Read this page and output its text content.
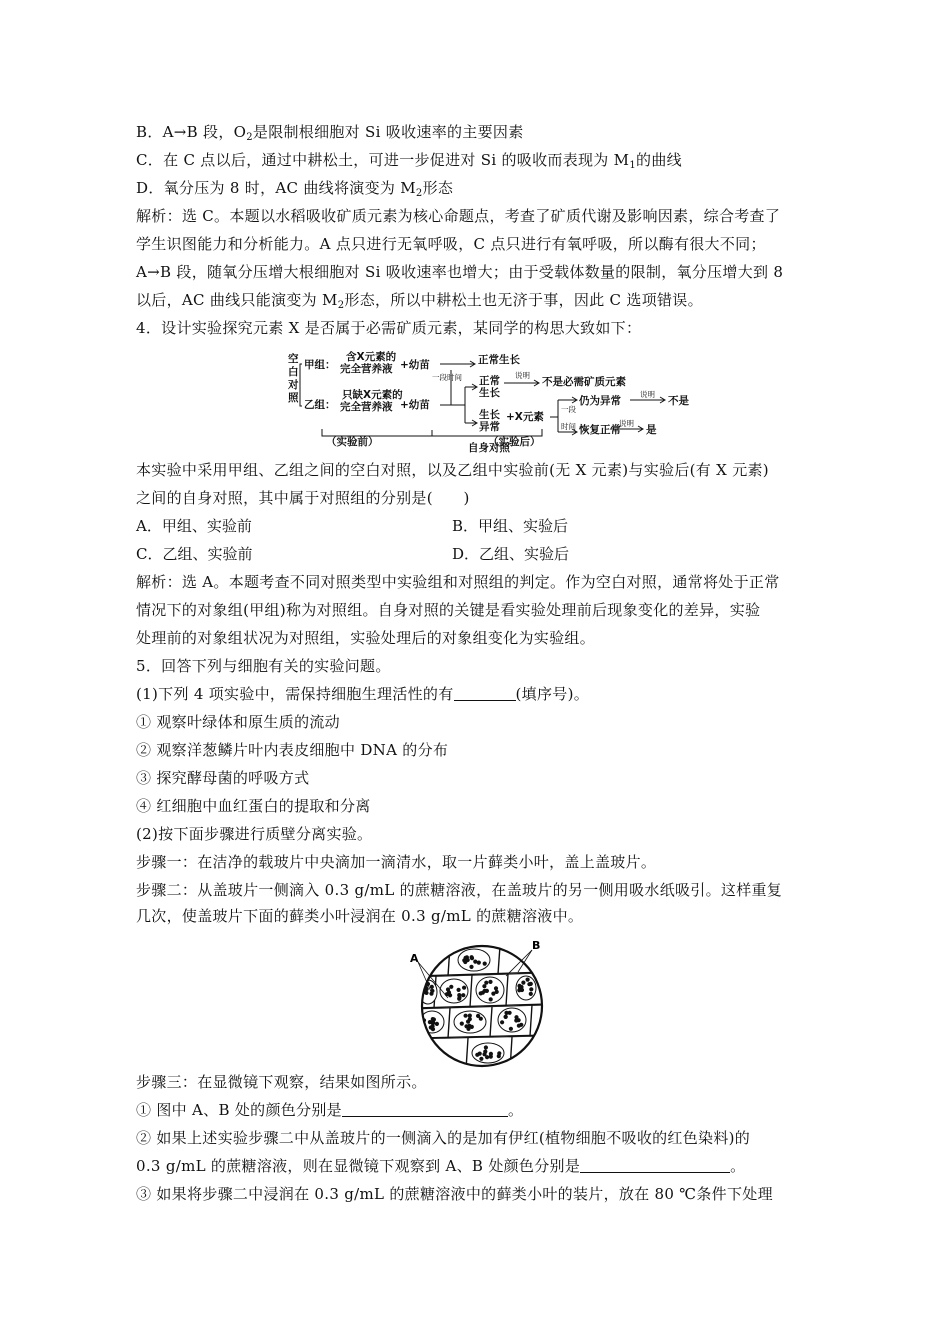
B．A→B 段，$O_2$是限制根细胞对 Si 吸收速率的主要因素
C．在 C 点以后，通过中耕松土，可进一步促进对 Si 的吸收而表现为 $M_1$的曲线
D．氧分压为 8 时，AC 曲线将演变为 $M_2$形态
解析：选 C。本题以水稻吸收矿质元素为核心命题点，考查了矿质代谢及影响因素，综合考查了
学生识图能力和分析能力。A 点只进行无氧呼吸，C 点只进行有氧呼吸，所以酶有很大不同；
A→B 段，随氧分压增大根细胞对 Si 吸收速率也增大；由于受载体数量的限制，氧分压增大到 8
以后，AC 曲线只能演变为 $M_2$形态，所以中耕松土也无济于事，因此 C 选项错误。
4．设计实验探究元素 X 是否属于必需矿质元素，某同学的构思大致如下：
空
白
对
照
甲组：
含X元素的
完全营养液 +幼苗	正常生长
乙组：
只缺X元素的
完全营养液 +幼苗
正常
生长
不是必需矿质元素
生长
异常
+X元素
仍为异常	不是
恢复正常 是
（实验前）	自身对照
（实验后）
一段时间	说明
一段
时间
说明
说明
本实验中采用甲组、乙组之间的空白对照，以及乙组中实验前(无 X 元素)与实验后(有 X 元素)
之间的自身对照，其中属于对照组的分别是(　　)
A．甲组、实验前	B．甲组、实验后
C．乙组、实验前	D．乙组、实验后
解析：选 A。本题考查不同对照类型中实验组和对照组的判定。作为空白对照，通常将处于正常
情况下的对象组(甲组)称为对照组。自身对照的关键是看实验处理前后现象变化的差异，实验
处理前的对象组状况为对照组，实验处理后的对象组变化为实验组。
5．回答下列与细胞有关的实验问题。
(1)下列 4 项实验中，需保持细胞生理活性的有	(填序号)。
① 观察叶绿体和原生质的流动
② 观察洋葱鳞片叶内表皮细胞中 DNA 的分布
③ 探究酵母菌的呼吸方式
④ 红细胞中血红蛋白的提取和分离
(2)按下面步骤进行质壁分离实验。
步骤一：在洁净的载玻片中央滴加一滴清水，取一片藓类小叶，盖上盖玻片。
步骤二：从盖玻片一侧滴入 0.3 g/mL 的蔗糖溶液，在盖玻片的另一侧用吸水纸吸引。这样重复
几次，使盖玻片下面的藓类小叶浸润在 0.3 g/mL 的蔗糖溶液中。
A
B
步骤三：在显微镜下观察，结果如图所示。
① 图中 A、B 处的颜色分别是	。
② 如果上述实验步骤二中从盖玻片的一侧滴入的是加有伊红(植物细胞不吸收的红色染料)的
0.3 g/mL 的蔗糖溶液，则在显微镜下观察到 A、B 处颜色分别是	。
③ 如果将步骤二中浸润在 0.3 g/mL 的蔗糖溶液中的藓类小叶的装片，放在 80 ℃条件下处理
